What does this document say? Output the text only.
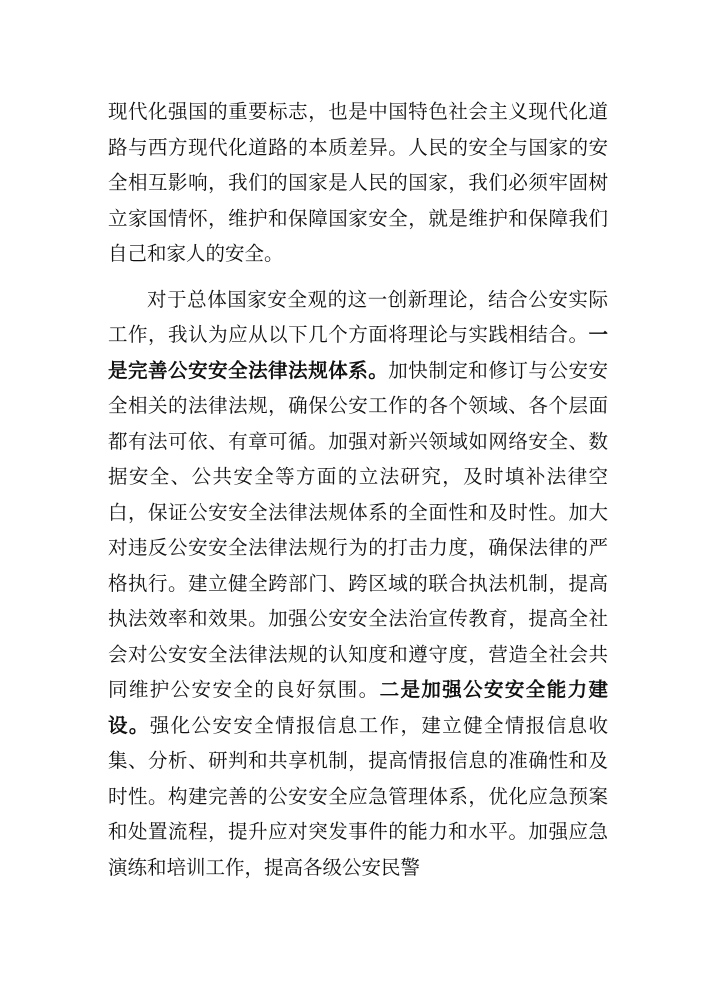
现代化强国的重要标志，也是中国特色社会主义现代化道路与西方现代化道路的本质差异。人民的安全与国家的安全相互影响，我们的国家是人民的国家，我们必须牢固树立家国情怀，维护和保障国家安全，就是维护和保障我们自己和家人的安全。

对于总体国家安全观的这一创新理论，结合公安实际工作，我认为应从以下几个方面将理论与实践相结合。一是完善公安安全法律法规体系。加快制定和修订与公安安全相关的法律法规，确保公安工作的各个领域、各个层面都有法可依、有章可循。加强对新兴领域如网络安全、数据安全、公共安全等方面的立法研究，及时填补法律空白，保证公安安全法律法规体系的全面性和及时性。加大对违反公安安全法律法规行为的打击力度，确保法律的严格执行。建立健全跨部门、跨区域的联合执法机制，提高执法效率和效果。加强公安安全法治宣传教育，提高全社会对公安安全法律法规的认知度和遵守度，营造全社会共同维护公安安全的良好氛围。二是加强公安安全能力建设。强化公安安全情报信息工作，建立健全情报信息收集、分析、研判和共享机制，提高情报信息的准确性和及时性。构建完善的公安安全应急管理体系，优化应急预案和处置流程，提升应对突发事件的能力和水平。加强应急演练和培训工作，提高各级公安民警
